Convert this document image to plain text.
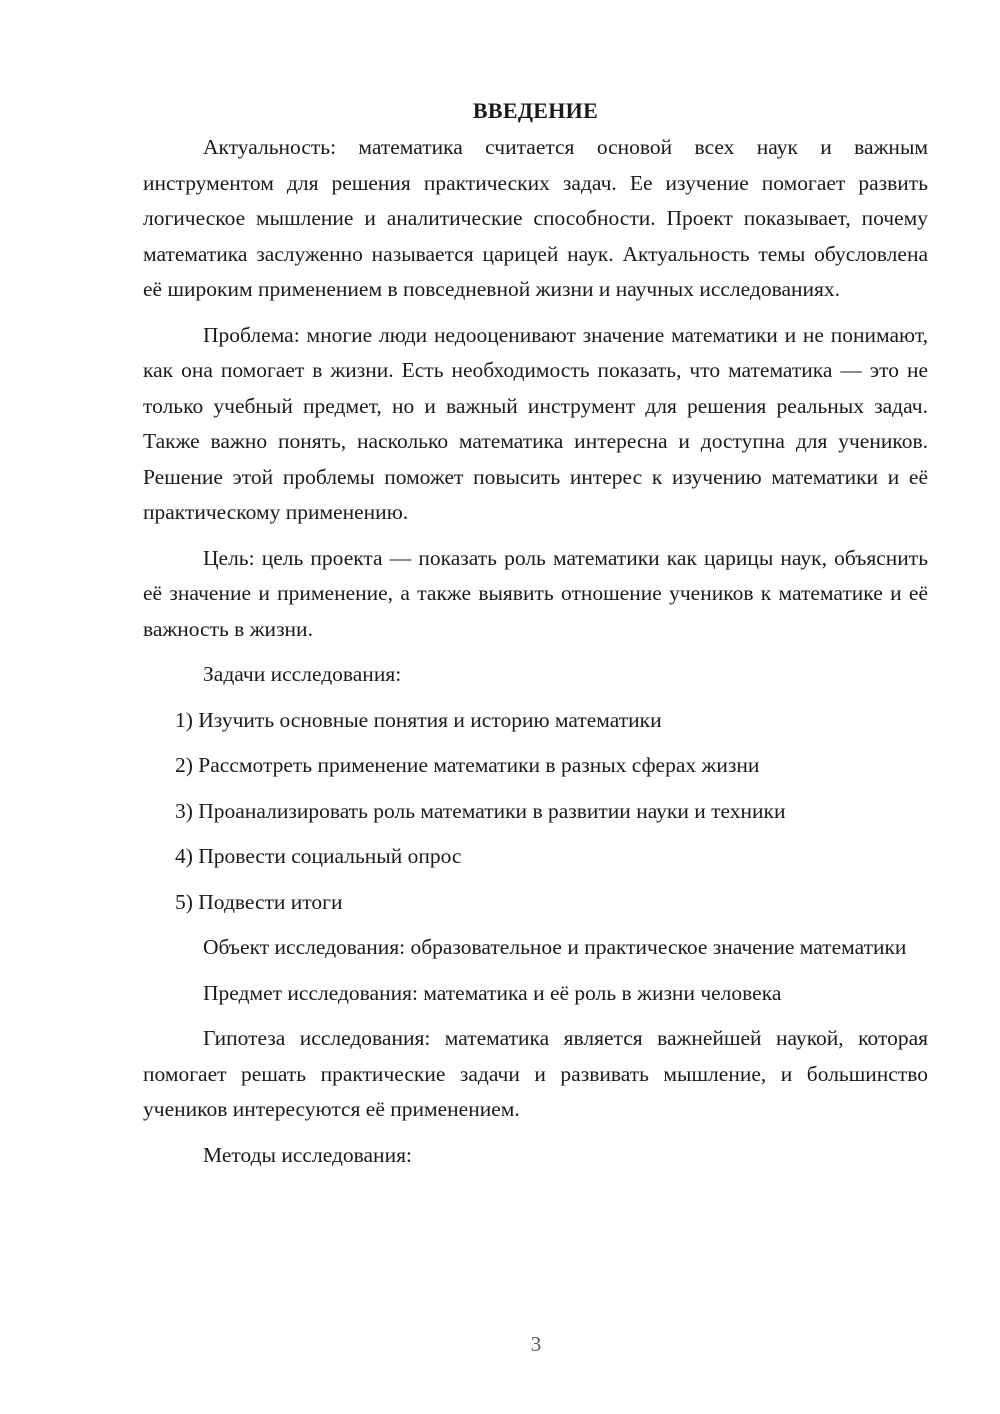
ВВЕДЕНИЕ

Актуальность: математика считается основой всех наук и важным инструментом для решения практических задач. Ее изучение помогает развить логическое мышление и аналитические способности. Проект показывает, почему математика заслуженно называется царицей наук. Актуальность темы обусловлена её широким применением в повседневной жизни и научных исследованиях.

Проблема: многие люди недооценивают значение математики и не понимают, как она помогает в жизни. Есть необходимость показать, что математика — это не только учебный предмет, но и важный инструмент для решения реальных задач. Также важно понять, насколько математика интересна и доступна для учеников. Решение этой проблемы поможет повысить интерес к изучению математики и её практическому применению.

Цель: цель проекта — показать роль математики как царицы наук, объяснить её значение и применение, а также выявить отношение учеников к математике и её важность в жизни.

Задачи исследования:

1) Изучить основные понятия и историю математики
2) Рассмотреть применение математики в разных сферах жизни
3) Проанализировать роль математики в развитии науки и техники
4) Провести социальный опрос
5) Подвести итоги

Объект исследования: образовательное и практическое значение математики

Предмет исследования: математика и её роль в жизни человека

Гипотеза исследования: математика является важнейшей наукой, которая помогает решать практические задачи и развивать мышление, и большинство учеников интересуются её применением.

Методы исследования:

3
